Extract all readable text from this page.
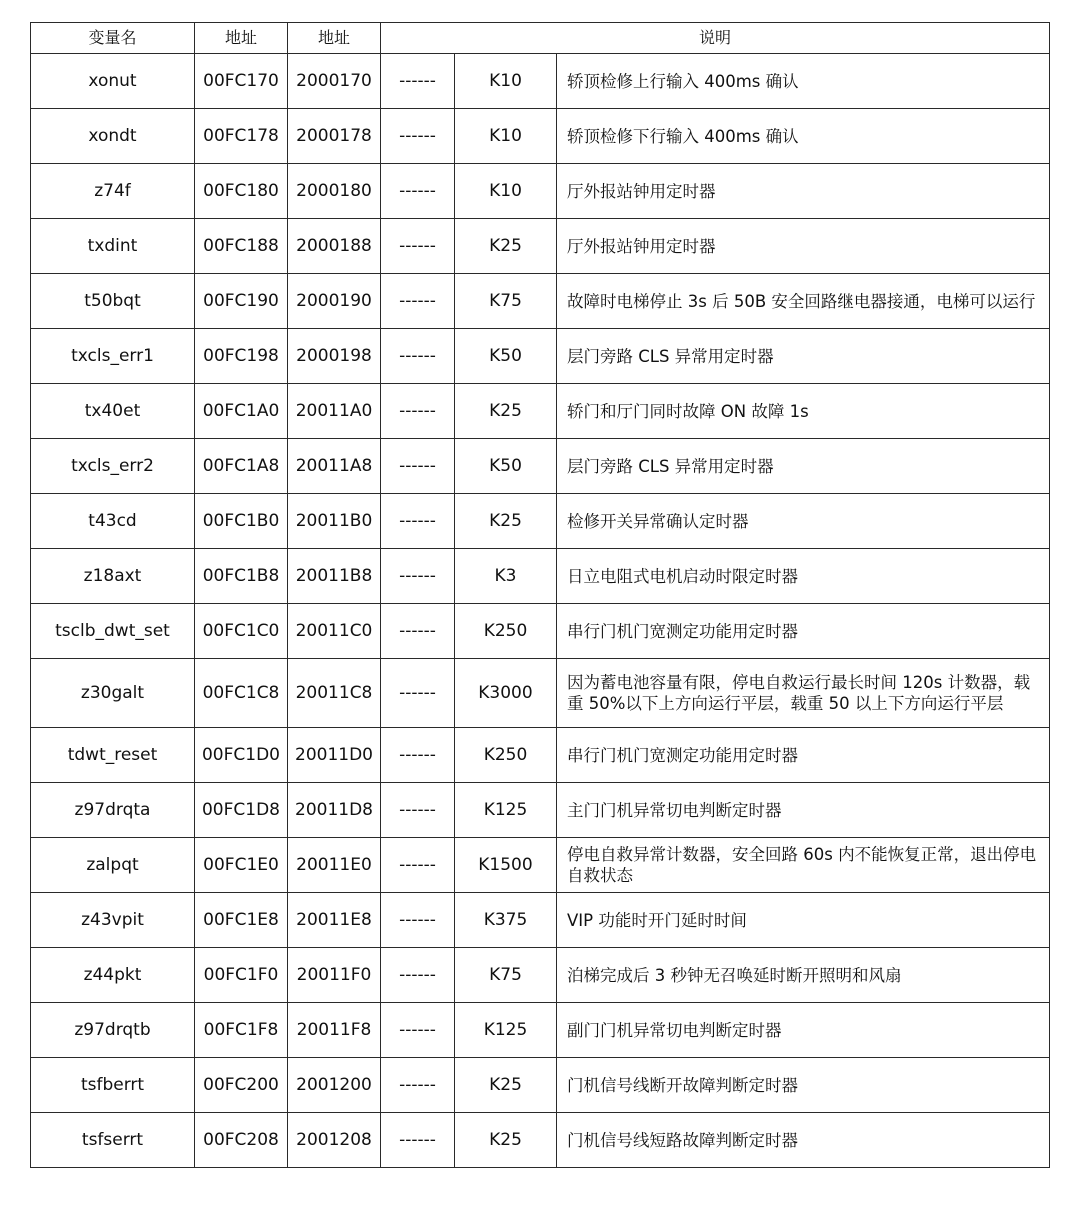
变量名	地址	地址	说明		
xonut	00FC170	2000170	------	K10	轿顶检修上行输入 400ms 确认
xondt	00FC178	2000178	------	K10	轿顶检修下行输入 400ms 确认
z74f	00FC180	2000180	------	K10	厅外报站钟用定时器
txdint	00FC188	2000188	------	K25	厅外报站钟用定时器
t50bqt	00FC190	2000190	------	K75	故障时电梯停止 3s 后 50B 安全回路继电器接通，电梯可以运行
txcls_err1	00FC198	2000198	------	K50	层门旁路 CLS 异常用定时器
tx40et	00FC1A0	20011A0	------	K25	轿门和厅门同时故障 ON 故障 1s
txcls_err2	00FC1A8	20011A8	------	K50	层门旁路 CLS 异常用定时器
t43cd	00FC1B0	20011B0	------	K25	检修开关异常确认定时器
z18axt	00FC1B8	20011B8	------	K3	日立电阻式电机启动时限定时器
tsclb_dwt_set	00FC1C0	20011C0	------	K250	串行门机门宽测定功能用定时器
z30galt	00FC1C8	20011C8	------	K3000	因为蓄电池容量有限，停电自救运行最长时间 120s 计数器，载重 50%以下上方向运行平层，载重 50 以上下方向运行平层
tdwt_reset	00FC1D0	20011D0	------	K250	串行门机门宽测定功能用定时器
z97drqta	00FC1D8	20011D8	------	K125	主门门机异常切电判断定时器
zalpqt	00FC1E0	20011E0	------	K1500	停电自救异常计数器，安全回路 60s 内不能恢复正常，退出停电自救状态
z43vpit	00FC1E8	20011E8	------	K375	VIP 功能时开门延时时间
z44pkt	00FC1F0	20011F0	------	K75	泊梯完成后 3 秒钟无召唤延时断开照明和风扇
z97drqtb	00FC1F8	20011F8	------	K125	副门门机异常切电判断定时器
tsfberrt	00FC200	2001200	------	K25	门机信号线断开故障判断定时器
tsfserrt	00FC208	2001208	------	K25	门机信号线短路故障判断定时器
